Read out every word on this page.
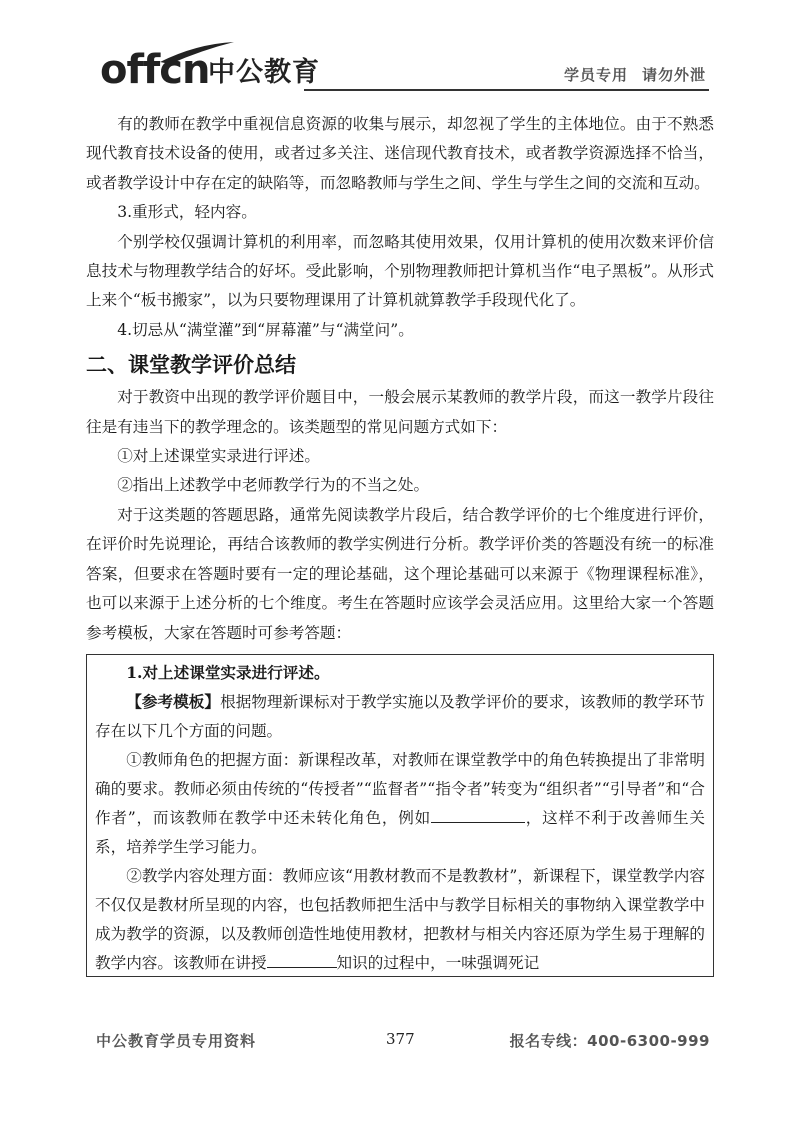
offcn
中公教育	学员专用 请勿外泄

有的教师在教学中重视信息资源的收集与展示，却忽视了学生的主体地位。由于不熟悉现代教育技术设备的使用，或者过多关注、迷信现代教育技术，或者教学资源选择不恰当，或者教学设计中存在定的缺陷等，而忽略教师与学生之间、学生与学生之间的交流和互动。

3.重形式，轻内容。

个别学校仅强调计算机的利用率，而忽略其使用效果，仅用计算机的使用次数来评价信息技术与物理教学结合的好坏。受此影响，个别物理教师把计算机当作“电子黑板”。从形式上来个“板书搬家”，以为只要物理课用了计算机就算教学手段现代化了。

4.切忌从“满堂灌”到“屏幕灌”与“满堂问”。

二、课堂教学评价总结

对于教资中出现的教学评价题目中，一般会展示某教师的教学片段，而这一教学片段往往是有违当下的教学理念的。该类题型的常见问题方式如下：

①对上述课堂实录进行评述。

②指出上述教学中老师教学行为的不当之处。

对于这类题的答题思路，通常先阅读教学片段后，结合教学评价的七个维度进行评价，在评价时先说理论，再结合该教师的教学实例进行分析。教学评价类的答题没有统一的标准答案，但要求在答题时要有一定的理论基础，这个理论基础可以来源于《物理课程标准》，也可以来源于上述分析的七个维度。考生在答题时应该学会灵活应用。这里给大家一个答题参考模板，大家在答题时可参考答题：

1.对上述课堂实录进行评述。

【参考模板】根据物理新课标对于教学实施以及教学评价的要求，该教师的教学环节存在以下几个方面的问题。

①教师角色的把握方面：新课程改革，对教师在课堂教学中的角色转换提出了非常明确的要求。教师必须由传统的“传授者”“监督者”“指令者”转变为“组织者”“引导者”和“合作者”，而该教师在教学中还未转化角色，例如	，这样不利于改善师生关系，培养学生学习能力。

②教学内容处理方面：教师应该“用教材教而不是教教材”，新课程下，课堂教学内容不仅仅是教材所呈现的内容，也包括教师把生活中与教学目标相关的事物纳入课堂教学中成为教学的资源，以及教师创造性地使用教材，把教材与相关内容还原为学生易于理解的教学内容。该教师在讲授	知识的过程中，一味强调死记

中公教育学员专用资料	377	报名专线：400-6300-999
